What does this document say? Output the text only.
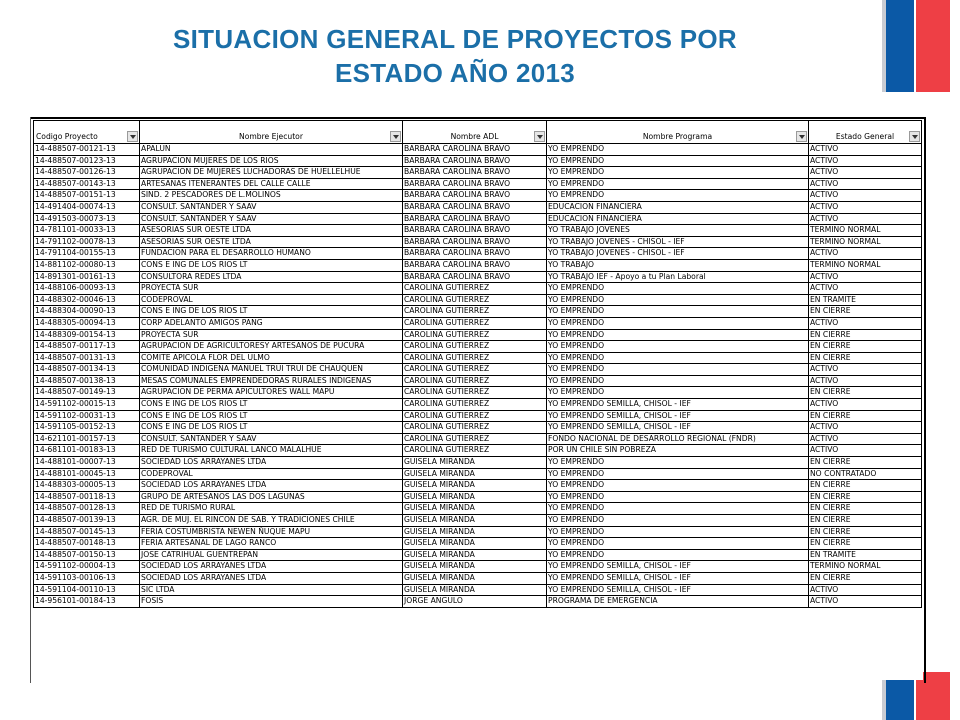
SITUACION GENERAL DE PROYECTOS POR
ESTADO AÑO 2013
Codigo Proyecto	Nombre Ejecutor	Nombre ADL	Nombre Programa	Estado General

14-488507-00121-13	APALUN	BARBARA CAROLINA BRAVO	YO EMPRENDO	ACTIVO
14-488507-00123-13	AGRUPACION MUJERES DE LOS RIOS	BARBARA CAROLINA BRAVO	YO EMPRENDO	ACTIVO
14-488507-00126-13	AGRUPACION DE MUJERES LUCHADORAS DE HUELLELHUE	BARBARA CAROLINA BRAVO	YO EMPRENDO	ACTIVO
14-488507-00143-13	ARTESANAS ITENERANTES DEL CALLE CALLE	BARBARA CAROLINA BRAVO	YO EMPRENDO	ACTIVO
14-488507-00151-13	SIND. 2 PESCADORES DE L.MOLINOS	BARBARA CAROLINA BRAVO	YO EMPRENDO	ACTIVO
14-491404-00074-13	CONSULT. SANTANDER Y SAAV	BARBARA CAROLINA BRAVO	EDUCACION FINANCIERA	ACTIVO
14-491503-00073-13	CONSULT. SANTANDER Y SAAV	BARBARA CAROLINA BRAVO	EDUCACION FINANCIERA	ACTIVO
14-781101-00033-13	ASESORIAS SUR OESTE LTDA	BARBARA CAROLINA BRAVO	YO TRABAJO JOVENES	TERMINO NORMAL
14-791102-00078-13	ASESORIAS SUR OESTE LTDA	BARBARA CAROLINA BRAVO	YO TRABAJO JOVENES - CHISOL - IEF	TERMINO NORMAL
14-791104-00155-13	FUNDACION PARA EL DESARROLLO HUMANO	BARBARA CAROLINA BRAVO	YO TRABAJO JOVENES - CHISOL - IEF	ACTIVO
14-881102-00080-13	CONS E ING DE LOS RIOS LT	BARBARA CAROLINA BRAVO	YO TRABAJO	TERMINO NORMAL
14-891301-00161-13	CONSULTORA REDES LTDA	BARBARA CAROLINA BRAVO	YO TRABAJO IEF - Apoyo a tu Plan Laboral	ACTIVO
14-488106-00093-13	PROYECTA SUR	CAROLINA GUTIERREZ	YO EMPRENDO	ACTIVO
14-488302-00046-13	CODEPROVAL	CAROLINA GUTIERREZ	YO EMPRENDO	EN TRAMITE
14-488304-00090-13	CONS E ING DE LOS RIOS LT	CAROLINA GUTIERREZ	YO EMPRENDO	EN CIERRE
14-488305-00094-13	CORP ADELANTO AMIGOS PANG	CAROLINA GUTIERREZ	YO EMPRENDO	ACTIVO
14-488309-00154-13	PROYECTA SUR	CAROLINA GUTIERREZ	YO EMPRENDO	EN CIERRE
14-488507-00117-13	AGRUPACION DE AGRICULTORESY ARTESANOS DE PUCURA	CAROLINA GUTIERREZ	YO EMPRENDO	EN CIERRE
14-488507-00131-13	COMITE APICOLA FLOR DEL ULMO	CAROLINA GUTIERREZ	YO EMPRENDO	EN CIERRE
14-488507-00134-13	COMUNIDAD INDIGENA MANUEL TRUI TRUI DE CHAUQUEN	CAROLINA GUTIERREZ	YO EMPRENDO	ACTIVO
14-488507-00138-13	MESAS COMUNALES EMPRENDEDORAS RURALES INDIGENAS	CAROLINA GUTIERREZ	YO EMPRENDO	ACTIVO
14-488507-00149-13	AGRUPACION DE PERMA APICULTORES WALL MAPU	CAROLINA GUTIERREZ	YO EMPRENDO	EN CIERRE
14-591102-00015-13	CONS E ING DE LOS RIOS LT	CAROLINA GUTIERREZ	YO EMPRENDO SEMILLA, CHISOL - IEF	ACTIVO
14-591102-00031-13	CONS E ING DE LOS RIOS LT	CAROLINA GUTIERREZ	YO EMPRENDO SEMILLA, CHISOL - IEF	EN CIERRE
14-591105-00152-13	CONS E ING DE LOS RIOS LT	CAROLINA GUTIERREZ	YO EMPRENDO SEMILLA, CHISOL - IEF	ACTIVO
14-621101-00157-13	CONSULT. SANTANDER Y SAAV	CAROLINA GUTIERREZ	FONDO NACIONAL DE DESARROLLO REGIONAL (FNDR)	ACTIVO
14-681101-00183-13	RED DE TURISMO CULTURAL LANCO MALALHUE	CAROLINA GUTIERREZ	POR UN CHILE SIN POBREZA	ACTIVO
14-488101-00007-13	SOCIEDAD LOS ARRAYANES LTDA	GUISELA MIRANDA	YO EMPRENDO	EN CIERRE
14-488101-00045-13	CODEPROVAL	GUISELA MIRANDA	YO EMPRENDO	NO CONTRATADO
14-488303-00005-13	SOCIEDAD LOS ARRAYANES LTDA	GUISELA MIRANDA	YO EMPRENDO	EN CIERRE
14-488507-00118-13	GRUPO DE ARTESANOS LAS DOS LAGUNAS	GUISELA MIRANDA	YO EMPRENDO	EN CIERRE
14-488507-00128-13	RED DE TURISMO RURAL	GUISELA MIRANDA	YO EMPRENDO	EN CIERRE
14-488507-00139-13	AGR. DE MUJ. EL RINCON DE SAB. Y TRADICIONES CHILE	GUISELA MIRANDA	YO EMPRENDO	EN CIERRE
14-488507-00145-13	FERIA COSTUMBRISTA NEWEN ÑUQUE MAPU	GUISELA MIRANDA	YO EMPRENDO	EN CIERRE
14-488507-00148-13	FERIA ARTESANAL DE LAGO RANCO	GUISELA MIRANDA	YO EMPRENDO	EN CIERRE
14-488507-00150-13	JOSE CATRIHUAL GUENTREPAN	GUISELA MIRANDA	YO EMPRENDO	EN TRAMITE
14-591102-00004-13	SOCIEDAD LOS ARRAYANES LTDA	GUISELA MIRANDA	YO EMPRENDO SEMILLA, CHISOL - IEF	TERMINO NORMAL
14-591103-00106-13	SOCIEDAD LOS ARRAYANES LTDA	GUISELA MIRANDA	YO EMPRENDO SEMILLA, CHISOL - IEF	EN CIERRE
14-591104-00110-13	SIC LTDA	GUISELA MIRANDA	YO EMPRENDO SEMILLA, CHISOL - IEF	ACTIVO
14-956101-00184-13	FOSIS	JORGE ANGULO	PROGRAMA DE EMERGENCIA	ACTIVO
